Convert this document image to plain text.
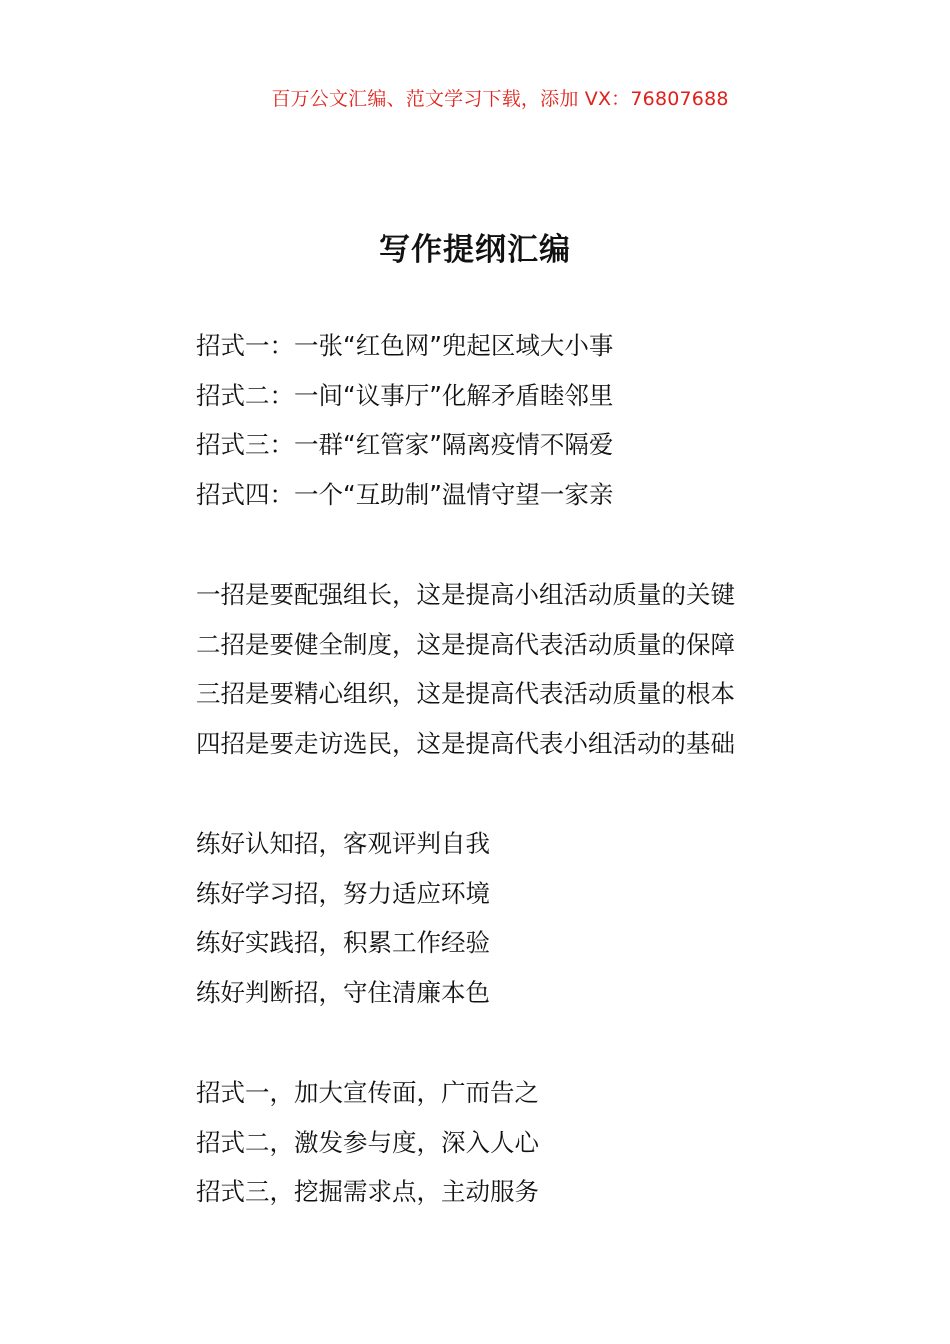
百万公文汇编、范文学习下载，添加 VX：76807688
写作提纲汇编
招式一：一张“红色网”兜起区域大小事
招式二：一间“议事厅”化解矛盾睦邻里
招式三：一群“红管家”隔离疫情不隔爱
招式四：一个“互助制”温情守望一家亲
一招是要配强组长，这是提高小组活动质量的关键
二招是要健全制度，这是提高代表活动质量的保障
三招是要精心组织，这是提高代表活动质量的根本
四招是要走访选民，这是提高代表小组活动的基础
练好认知招，客观评判自我
练好学习招，努力适应环境
练好实践招，积累工作经验
练好判断招，守住清廉本色
招式一，加大宣传面，广而告之
招式二，激发参与度，深入人心
招式三，挖掘需求点，主动服务
